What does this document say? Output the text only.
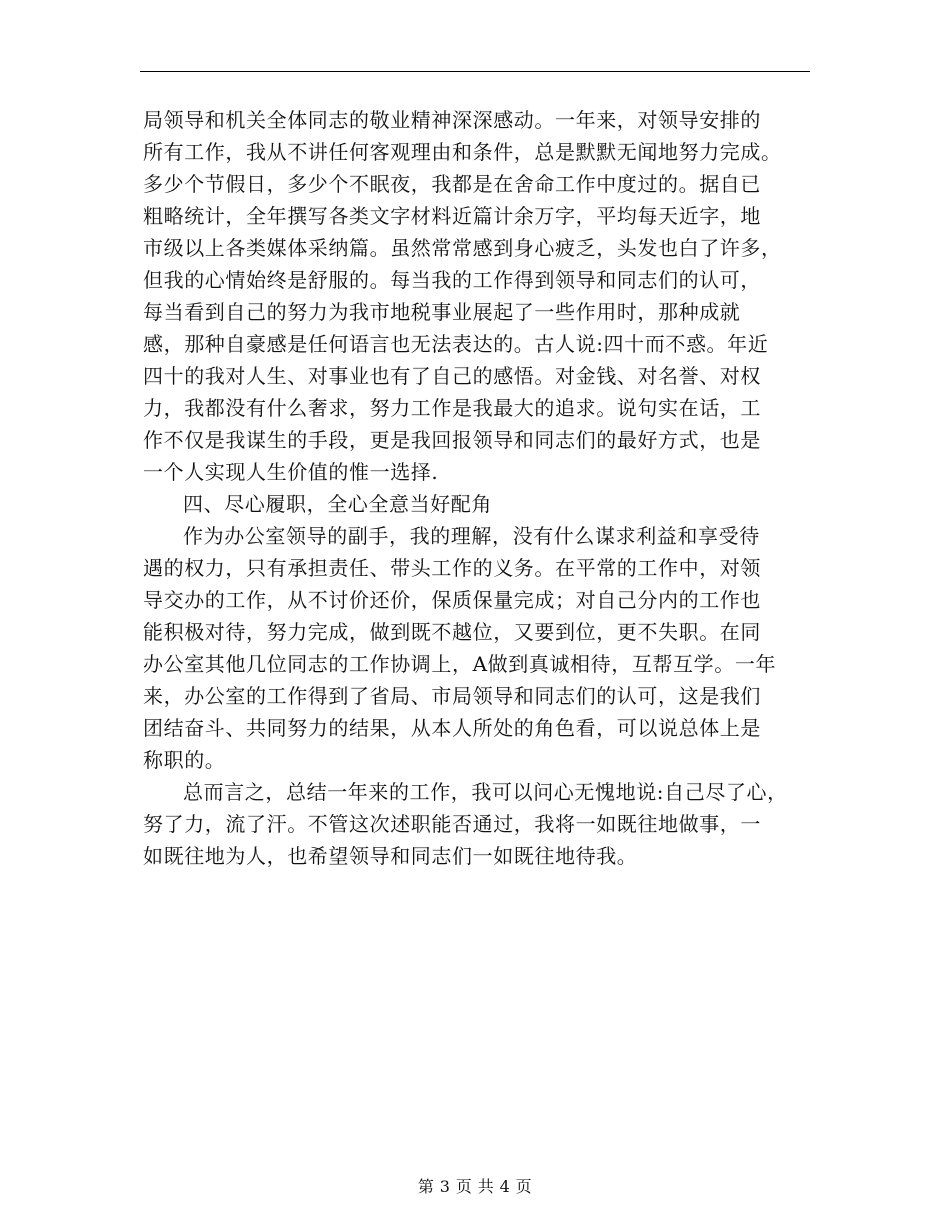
局领导和机关全体同志的敬业精神深深感动。一年来，对领导安排的
所有工作，我从不讲任何客观理由和条件，总是默默无闻地努力完成。
多少个节假日，多少个不眠夜，我都是在舍命工作中度过的。据自已
粗略统计，全年撰写各类文字材料近篇计余万字，平均每天近字，地
市级以上各类媒体采纳篇。虽然常常感到身心疲乏，头发也白了许多，
但我的心情始终是舒服的。每当我的工作得到领导和同志们的认可，
每当看到自己的努力为我市地税事业展起了一些作用时，那种成就
感，那种自豪感是任何语言也无法表达的。古人说:四十而不惑。年近
四十的我对人生、对事业也有了自己的感悟。对金钱、对名誉、对权
力，我都没有什么奢求，努力工作是我最大的追求。说句实在话，工
作不仅是我谋生的手段，更是我回报领导和同志们的最好方式，也是
一个人实现人生价值的惟一选择.
四、尽心履职，全心全意当好配角
作为办公室领导的副手，我的理解，没有什么谋求利益和享受待
遇的权力，只有承担责任、带头工作的义务。在平常的工作中，对领
导交办的工作，从不讨价还价，保质保量完成；对自己分内的工作也
能积极对待，努力完成，做到既不越位，又要到位，更不失职。在同
办公室其他几位同志的工作协调上，A做到真诚相待，互帮互学。一年
来，办公室的工作得到了省局、市局领导和同志们的认可，这是我们
团结奋斗、共同努力的结果，从本人所处的角色看，可以说总体上是
称职的。
总而言之，总结一年来的工作，我可以问心无愧地说:自己尽了心，
努了力，流了汗。不管这次述职能否通过，我将一如既往地做事，一
如既往地为人，也希望领导和同志们一如既往地待我。
第 3 页 共 4 页
